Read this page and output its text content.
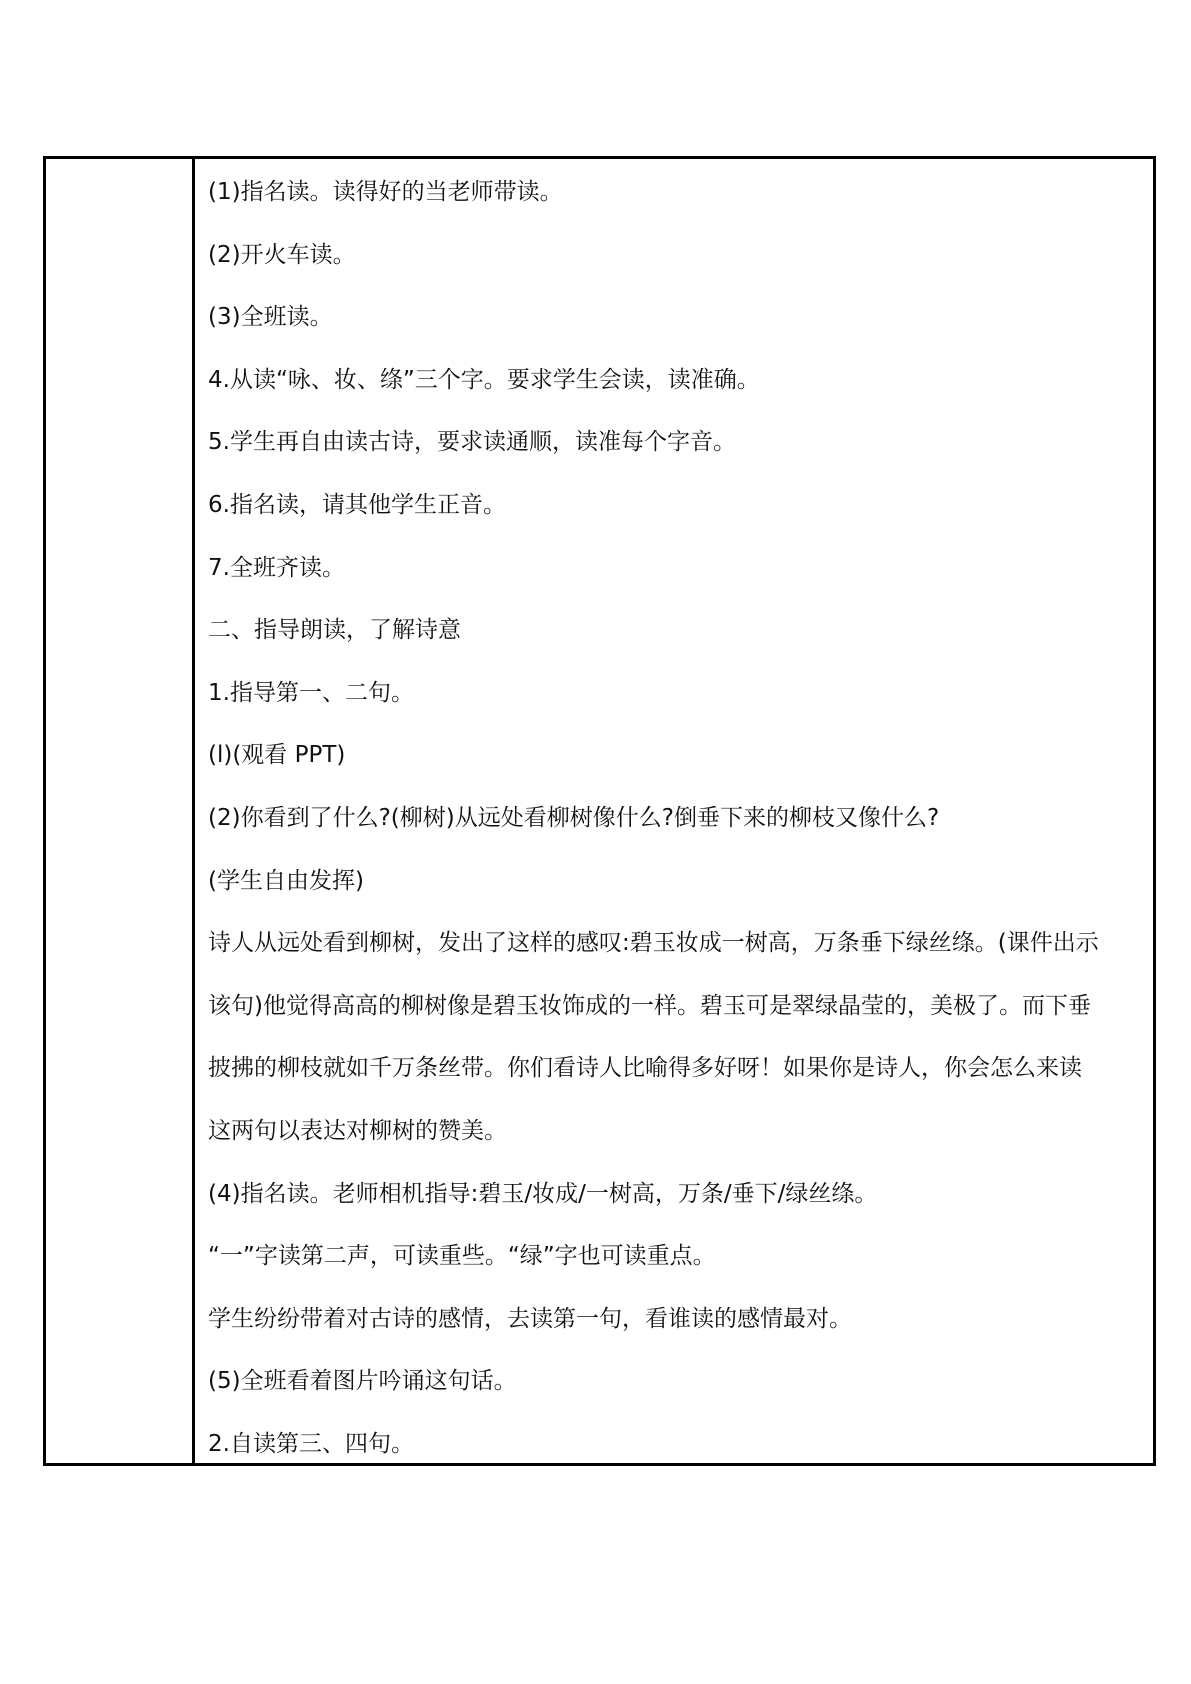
(1)指名读。读得好的当老师带读。
(2)开火车读。
(3)全班读。
4.从读“咏、妆、绦”三个字。要求学生会读，读准确。
5.学生再自由读古诗，要求读通顺，读准每个字音。
6.指名读，请其他学生正音。
7.全班齐读。
二、指导朗读，了解诗意
1.指导第一、二句。
(l)(观看 PPT)
(2)你看到了什么?(柳树)从远处看柳树像什么?倒垂下来的柳枝又像什么?
(学生自由发挥)
诗人从远处看到柳树，发出了这样的感叹:碧玉妆成一树高，万条垂下绿丝绦。(课件出示
该句)他觉得高高的柳树像是碧玉妆饰成的一样。碧玉可是翠绿晶莹的，美极了。而下垂
披拂的柳枝就如千万条丝带。你们看诗人比喻得多好呀！如果你是诗人，你会怎么来读
这两句以表达对柳树的赞美。
(4)指名读。老师相机指导:碧玉/妆成/一树高，万条/垂下/绿丝绦。
“一”字读第二声，可读重些。“绿”字也可读重点。
学生纷纷带着对古诗的感情，去读第一句，看谁读的感情最对。
(5)全班看着图片吟诵这句话。
2.自读第三、四句。
